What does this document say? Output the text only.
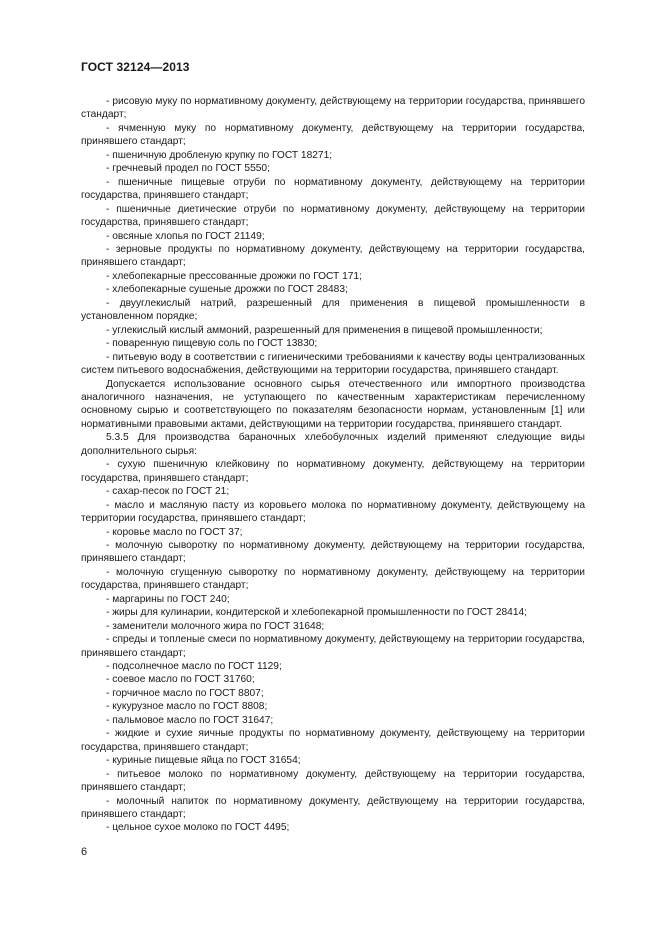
ГОСТ 32124—2013

- рисовую муку по нормативному документу, действующему на территории государства, принявшего стандарт;

- ячменную муку по нормативному документу, действующему на территории государства, принявшего стандарт;

- пшеничную дробленую крупку по ГОСТ 18271;

- гречневый продел по ГОСТ 5550;

- пшеничные пищевые отруби по нормативному документу, действующему на территории государства, принявшего стандарт;

- пшеничные диетические отруби по нормативному документу, действующему на территории государства, принявшего стандарт;

- овсяные хлопья по ГОСТ 21149;

- зерновые продукты по нормативному документу, действующему на территории государства, принявшего стандарт;

- хлебопекарные прессованные дрожжи по ГОСТ 171;

- хлебопекарные сушеные дрожжи по ГОСТ 28483;

- двууглекислый натрий, разрешенный для применения в пищевой промышленности в установленном порядке;

- углекислый кислый аммоний, разрешенный для применения в пищевой промышленности;

- поваренную пищевую соль по ГОСТ 13830;

- питьевую воду в соответствии с гигиеническими требованиями к качеству воды централизованных систем питьевого водоснабжения, действующими на территории государства, принявшего стандарт.

Допускается использование основного сырья отечественного или импортного производства аналогичного назначения, не уступающего по качественным характеристикам перечисленному основному сырью и соответствующего по показателям безопасности нормам, установленным [1] или нормативными правовыми актами, действующими на территории государства, принявшего стандарт.

5.3.5 Для производства бараночных хлебобулочных изделий применяют следующие виды дополнительного сырья:

- сухую пшеничную клейковину по нормативному документу, действующему на территории государства, принявшего стандарт;

- сахар-песок по ГОСТ 21;

- масло и масляную пасту из коровьего молока по нормативному документу, действующему на территории государства, принявшего стандарт;

- коровье масло по ГОСТ 37;

- молочную сыворотку по нормативному документу, действующему на территории государства, принявшего стандарт;

- молочную сгущенную сыворотку по нормативному документу, действующему на территории государства, принявшего стандарт;

- маргарины по ГОСТ 240;

- жиры для кулинарии, кондитерской и хлебопекарной промышленности по ГОСТ 28414;

- заменители молочного жира по ГОСТ 31648;

- спреды и топленые смеси по нормативному документу, действующему на территории государства, принявшего стандарт;

- подсолнечное масло по ГОСТ 1129;

- соевое масло по ГОСТ 31760;

- горчичное масло по ГОСТ 8807;

- кукурузное масло по ГОСТ 8808;

- пальмовое масло по ГОСТ 31647;

- жидкие и сухие яичные продукты по нормативному документу, действующему на территории государства, принявшего стандарт;

- куриные пищевые яйца по ГОСТ 31654;

- питьевое молоко по нормативному документу, действующему на территории государства, принявшего стандарт;

- молочный напиток по нормативному документу, действующему на территории государства, принявшего стандарт;

- цельное сухое молоко по ГОСТ 4495;

6
